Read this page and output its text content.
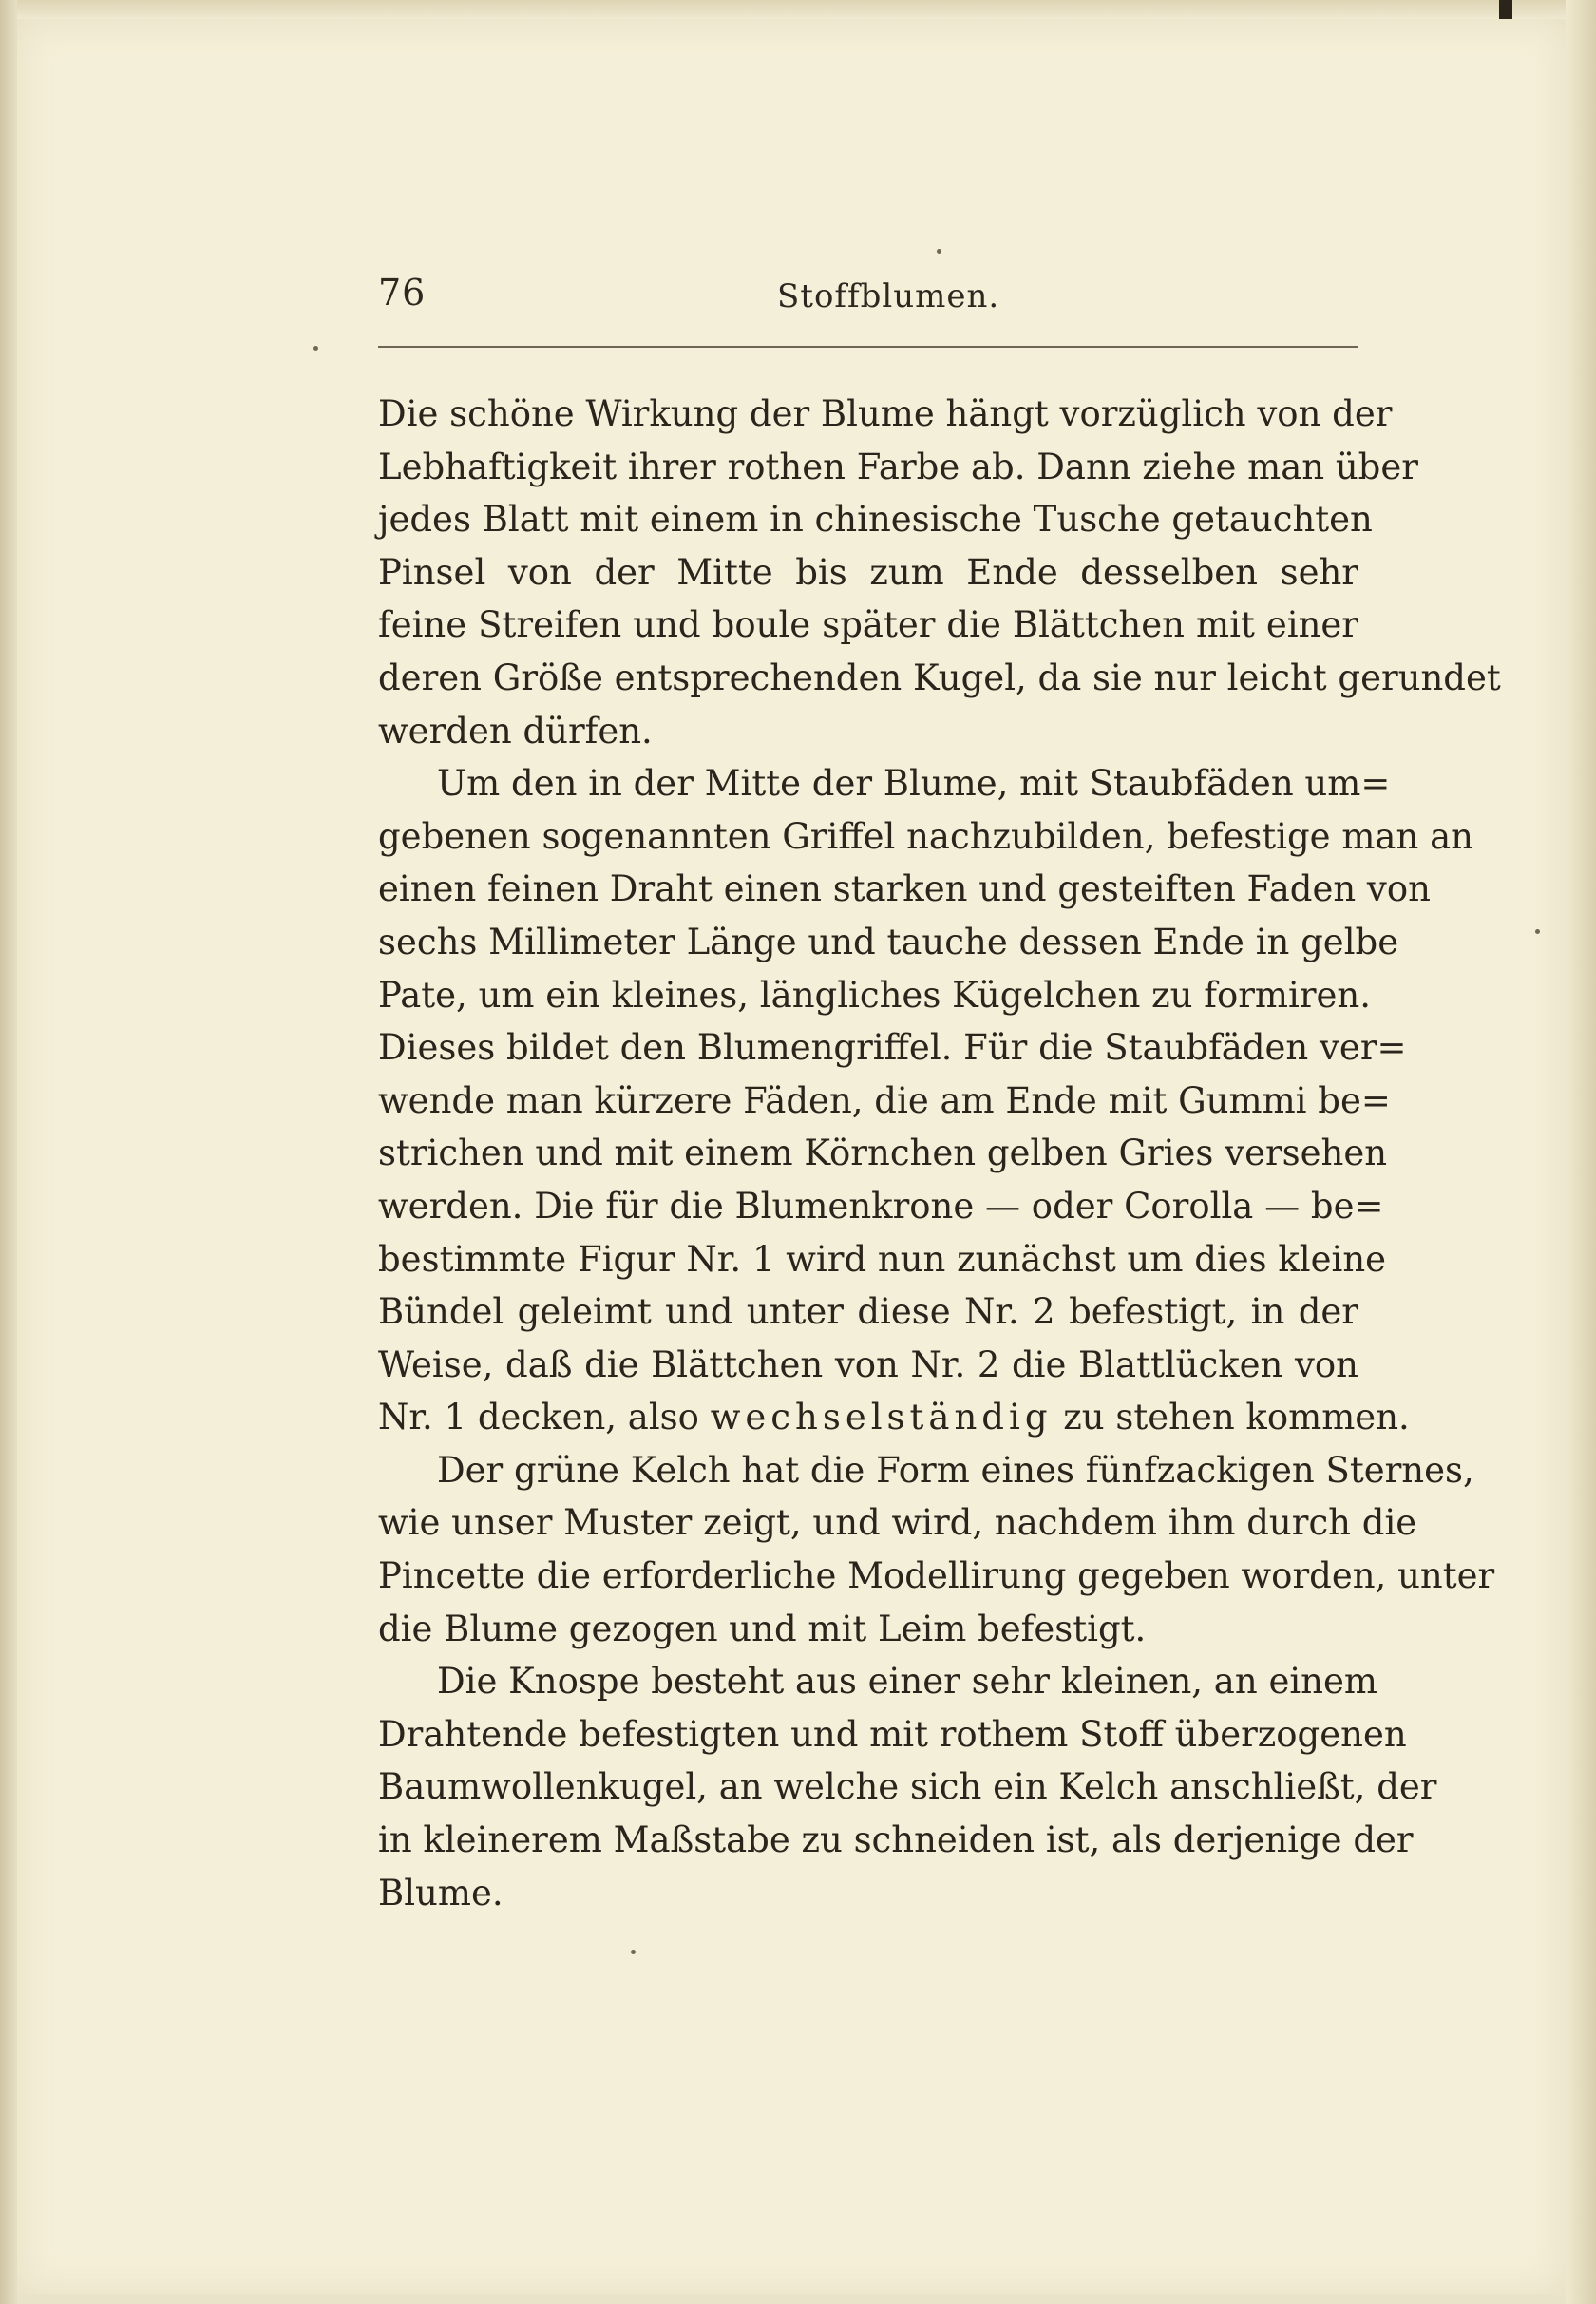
76	Stoffblumen.
Die schöne Wirkung der Blume hängt vorzüglich von der
Lebhaftigkeit ihrer rothen Farbe ab. Dann ziehe man über
jedes Blatt mit einem in chinesische Tusche getauchten
Pinsel von der Mitte bis zum Ende desselben sehr
feine Streifen und boule später die Blättchen mit einer
deren Größe entsprechenden Kugel, da sie nur leicht gerundet
werden dürfen.
Um den in der Mitte der Blume, mit Staubfäden um=
gebenen sogenannten Griffel nachzubilden, befestige man an
einen feinen Draht einen starken und gesteiften Faden von
sechs Millimeter Länge und tauche dessen Ende in gelbe
Pate, um ein kleines, längliches Kügelchen zu formiren.
Dieses bildet den Blumengriffel. Für die Staubfäden ver=
wende man kürzere Fäden, die am Ende mit Gummi be=
strichen und mit einem Körnchen gelben Gries versehen
werden. Die für die Blumenkrone — oder Corolla — be=
bestimmte Figur Nr. 1 wird nun zunächst um dies kleine
Bündel geleimt und unter diese Nr. 2 befestigt, in der
Weise, daß die Blättchen von Nr. 2 die Blattlücken von
Nr. 1 decken, also wechselständig zu stehen kommen.
Der grüne Kelch hat die Form eines fünfzackigen Sternes,
wie unser Muster zeigt, und wird, nachdem ihm durch die
Pincette die erforderliche Modellirung gegeben worden, unter
die Blume gezogen und mit Leim befestigt.
Die Knospe besteht aus einer sehr kleinen, an einem
Drahtende befestigten und mit rothem Stoff überzogenen
Baumwollenkugel, an welche sich ein Kelch anschließt, der
in kleinerem Maßstabe zu schneiden ist, als derjenige der
Blume.
